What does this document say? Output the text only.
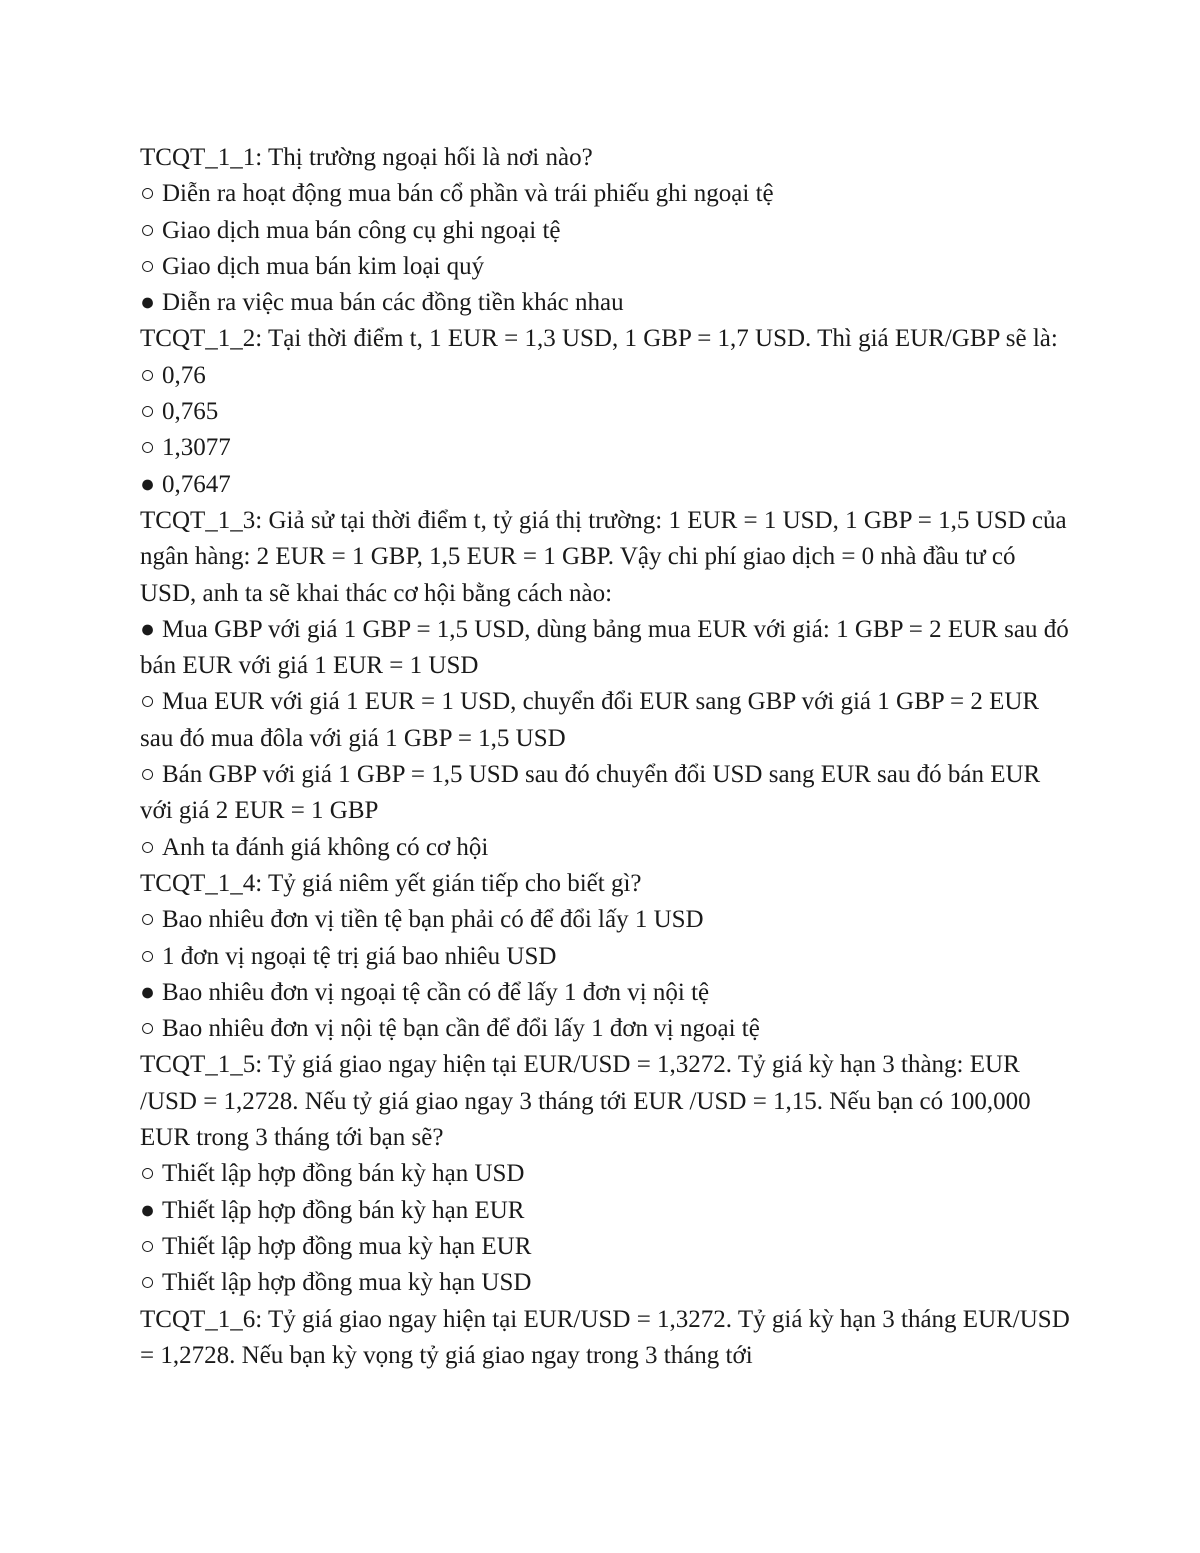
TCQT_1_1: Thị trường ngoại hối là nơi nào?

○ Diễn ra hoạt động mua bán cổ phần và trái phiếu ghi ngoại tệ

○ Giao dịch mua bán công cụ ghi ngoại tệ

○ Giao dịch mua bán kim loại quý

● Diễn ra việc mua bán các đồng tiền khác nhau

TCQT_1_2: Tại thời điểm t, 1 EUR = 1,3 USD, 1 GBP = 1,7 USD. Thì giá EUR/GBP sẽ là:

○ 0,76

○ 0,765

○ 1,3077

● 0,7647

TCQT_1_3: Giả sử tại thời điểm t, tỷ giá thị trường: 1 EUR = 1 USD, 1 GBP = 1,5 USD của ngân hàng: 2 EUR = 1 GBP, 1,5 EUR = 1 GBP. Vậy chi phí giao dịch = 0 nhà đầu tư có USD, anh ta sẽ khai thác cơ hội bằng cách nào:

● Mua GBP với giá 1 GBP = 1,5 USD, dùng bảng mua EUR với giá: 1 GBP = 2 EUR sau đó bán EUR với giá 1 EUR = 1 USD

○ Mua EUR với giá 1 EUR = 1 USD, chuyển đổi EUR sang GBP với giá 1 GBP = 2 EUR sau đó mua đôla với giá 1 GBP = 1,5 USD

○ Bán GBP với giá 1 GBP = 1,5 USD sau đó chuyển đổi USD sang EUR sau đó bán EUR với giá 2 EUR = 1 GBP

○ Anh ta đánh giá không có cơ hội

TCQT_1_4: Tỷ giá niêm yết gián tiếp cho biết gì?

○ Bao nhiêu đơn vị tiền tệ bạn phải có để đổi lấy 1 USD

○ 1 đơn vị ngoại tệ trị giá bao nhiêu USD

● Bao nhiêu đơn vị ngoại tệ cần có để lấy 1 đơn vị nội tệ

○ Bao nhiêu đơn vị nội tệ bạn cần để đổi lấy 1 đơn vị ngoại tệ

TCQT_1_5: Tỷ giá giao ngay hiện tại EUR/USD = 1,3272. Tỷ giá kỳ hạn 3 thàng: EUR /USD = 1,2728. Nếu tỷ giá giao ngay 3 tháng tới EUR /USD = 1,15. Nếu bạn có 100,000 EUR trong 3 tháng tới bạn sẽ?

○ Thiết lập hợp đồng bán kỳ hạn USD

● Thiết lập hợp đồng bán kỳ hạn EUR

○ Thiết lập hợp đồng mua kỳ hạn EUR

○ Thiết lập hợp đồng mua kỳ hạn USD

TCQT_1_6: Tỷ giá giao ngay hiện tại EUR/USD = 1,3272. Tỷ giá kỳ hạn 3 tháng EUR/USD = 1,2728. Nếu bạn kỳ vọng tỷ giá giao ngay trong 3 tháng tới
